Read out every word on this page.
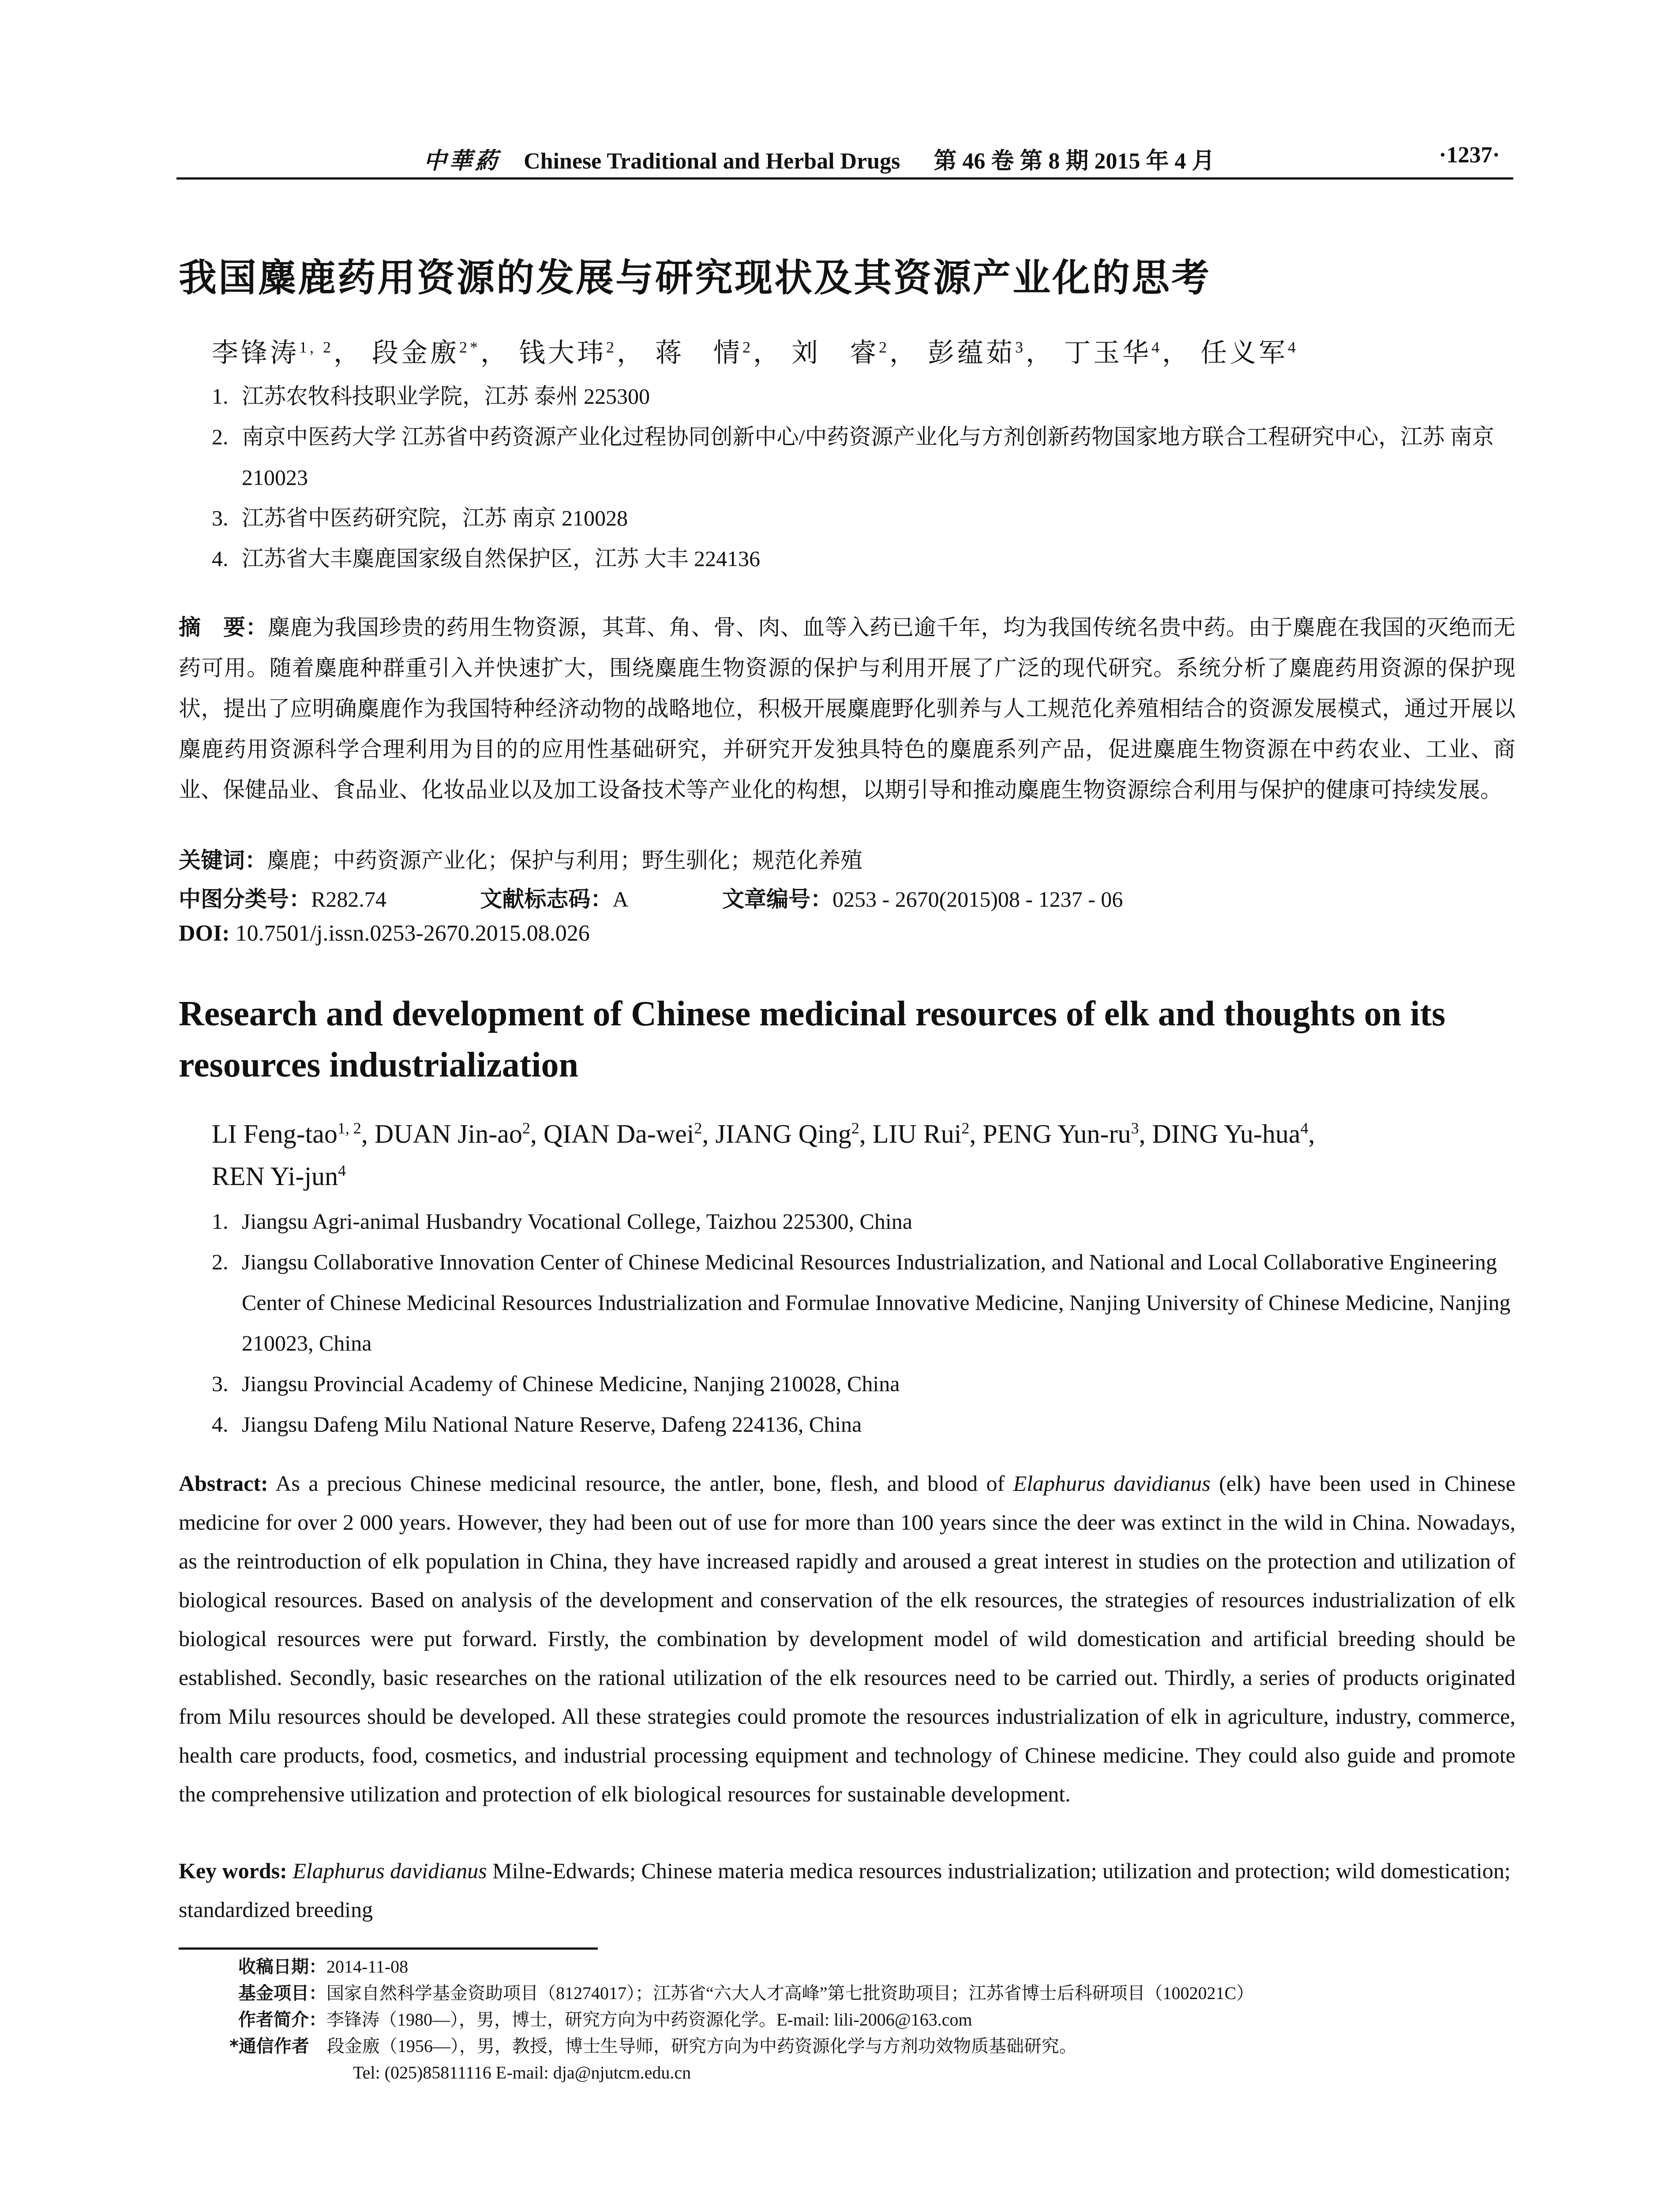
中華葯 Chinese Traditional and Herbal Drugs 第 46 卷 第 8 期 2015 年 4 月	·1237·
我国麋鹿药用资源的发展与研究现状及其资源产业化的思考
李锋涛$^{1, 2}$， 段金廒$^{2*}$， 钱大玮$^2$， 蒋　情$^2$， 刘　睿$^2$， 彭蕴茹$^3$， 丁玉华$^4$， 任义军$^4$
1. 江苏农牧科技职业学院，江苏 泰州 225300
2. 南京中医药大学 江苏省中药资源产业化过程协同创新中心/中药资源产业化与方剂创新药物国家地方联合工程研究中心，江苏 南京 210023
3. 江苏省中医药研究院，江苏 南京 210028
4. 江苏省大丰麋鹿国家级自然保护区，江苏 大丰 224136
摘　要：麋鹿为我国珍贵的药用生物资源，其茸、角、骨、肉、血等入药已逾千年，均为我国传统名贵中药。由于麋鹿在我国的灭绝而无药可用。随着麋鹿种群重引入并快速扩大，围绕麋鹿生物资源的保护与利用开展了广泛的现代研究。系统分析了麋鹿药用资源的保护现状，提出了应明确麋鹿作为我国特种经济动物的战略地位，积极开展麋鹿野化驯养与人工规范化养殖相结合的资源发展模式，通过开展以麋鹿药用资源科学合理利用为目的的应用性基础研究，并研究开发独具特色的麋鹿系列产品，促进麋鹿生物资源在中药农业、工业、商业、保健品业、食品业、化妆品业以及加工设备技术等产业化的构想，以期引导和推动麋鹿生物资源综合利用与保护的健康可持续发展。
关键词：麋鹿；中药资源产业化；保护与利用；野生驯化；规范化养殖
中图分类号：R282.74	文献标志码：A	文章编号：0253 - 2670(2015)08 - 1237 - 06
DOI: 10.7501/j.issn.0253-2670.2015.08.026
Research and development of Chinese medicinal resources of elk and thoughts on its resources industrialization
LI Feng-tao$^{1, 2}$, DUAN Jin-$ao^2$, QIAN Da-wei$^2$, JIANG Qing$^2$, LIU Rui$^2$, PENG Yun-$ru^3$, DING Yu-hua$^4$,
REN Yi-jun$^4$
1. Jiangsu Agri-animal Husbandry Vocational College, Taizhou 225300, China
2. Jiangsu Collaborative Innovation Center of Chinese Medicinal Resources Industrialization, and National and Local Collaborative Engineering Center of Chinese Medicinal Resources Industrialization and Formulae Innovative Medicine, Nanjing University of Chinese Medicine, Nanjing 210023, China
3. Jiangsu Provincial Academy of Chinese Medicine, Nanjing 210028, China
4. Jiangsu Dafeng Milu National Nature Reserve, Dafeng 224136, China
Abstract: As a precious Chinese medicinal resource, the antler, bone, flesh, and blood of Elaphurus davidianus (elk) have been used in Chinese medicine for over 2 000 years. However, they had been out of use for more than 100 years since the deer was extinct in the wild in China. Nowadays, as the reintroduction of elk population in China, they have increased rapidly and aroused a great interest in studies on the protection and utilization of biological resources. Based on analysis of the development and conservation of the elk resources, the strategies of resources industrialization of elk biological resources were put forward. Firstly, the combination by development model of wild domestication and artificial breeding should be established. Secondly, basic researches on the rational utilization of the elk resources need to be carried out. Thirdly, a series of products originated from Milu resources should be developed. All these strategies could promote the resources industrialization of elk in agriculture, industry, commerce, health care products, food, cosmetics, and industrial processing equipment and technology of Chinese medicine. They could also guide and promote the comprehensive utilization and protection of elk biological resources for sustainable development.
Key words: Elaphurus davidianus Milne-Edwards; Chinese materia medica resources industrialization; utilization and protection; wild domestication; standardized breeding
收稿日期：2014-11-08
基金项目：国家自然科学基金资助项目（81274017）；江苏省“六大人才高峰”第七批资助项目；江苏省博士后科研项目（1002021C）
作者简介：李锋涛（1980—），男，博士，研究方向为中药资源化学。E-mail: lili-2006@163.com
*通信作者 段金廒（1956—），男，教授，博士生导师，研究方向为中药资源化学与方剂功效物质基础研究。
Tel: (025)85811116 E-mail: dja@njutcm.edu.cn
